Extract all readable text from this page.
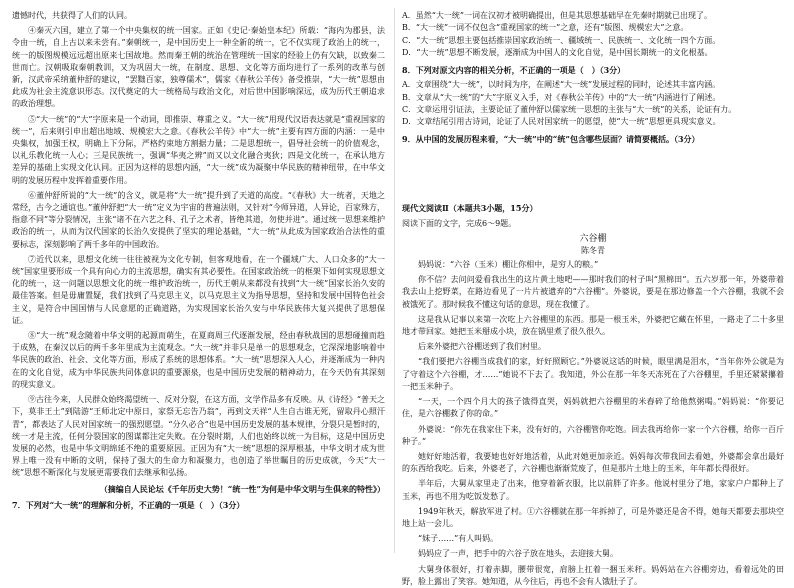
遗憾时代，共获得了人们的认同。

④秦灭六国，建立了第一个中央集权的统一国家。正如《史记·秦始皇本纪》所载：“海内为郡县，法令由一统，自上古以来未尝有。”秦朝统一，是中国历史上一种全新的统一，它不仅实现了政治上的统一，统一的版图规模远远超出原来七国故地。然而秦王朝的统治在管理统一国家的经验上仍有欠缺，以致秦二世而亡。汉朝吸取秦朝教训，又为巩固大一统，在制度、思想、文化等方面均进行了一系列的改革与创新，汉武帝采纳董仲舒的建议，“罢黜百家，独尊儒术”，儒家《春秋公羊传》备受推崇，“大一统”思想由此成为社会主流意识形态。汉代奠定的大一统格局与政治文化，对后世中国影响深远，成为历代王朝追求的政治理想。

⑤“大一统”的“大”字原来是一个动词，即推崇、尊重之义。“大一统”用现代汉语表达就是“重视国家的统一”，后来则引申出超出地域、规模宏大之意。《春秋公羊传》中“大一统”主要有四方面的内涵：一是中央集权，加强王权，明确上下分际，严格约束地方割据力量；二是思想统一，倡导社会统一的价值观念，以礼乐教化统一人心；三是民族统一，强调“华夷之辨”而又以文化融合夷狄；四是文化统一，在承认地方差异的基础上实现文化认同。正因为这样的思想内涵，“大一统”成为凝聚中华民族的精神纽带，在中华文明的发展历程中发挥着重要作用。

⑥董仲舒所说的“大一统”的含义，就是将“大一统”提升到了天道的高度。“《春秋》大一统者，天地之常经，古今之通谊也。”董仲舒把“大一统”定义为宇宙的普遍法则，又针对“今师异道，人异论，百家殊方，指意不同”等分裂情况，主张“诸不在六艺之科、孔子之术者，皆绝其道，勿使并进”。通过统一思想来维护政治的统一，从而为汉代国家的长治久安提供了坚实的理论基础，“大一统”从此成为国家政治合法性的重要标志，深刻影响了两千多年的中国政治。

⑦近代以来，思想文化统一往往被视为文化专制，但客观地看，在一个疆域广大、人口众多的“大一统”国家里要形成一个具有向心力的主流思想，确实有其必要性。在国家政治统一的框架下如何实现思想文化的统一，这一问题以思想文化的统一维护政治统一，历代王朝从来都没有找到“大一统”国家长治久安的最佳答案。但是毋庸置疑，我们找到了马克思主义，以马克思主义为指导思想，坚持和发展中国特色社会主义，是符合中国国情与人民意愿的正确道路，为实现国家长治久安与中华民族伟大复兴提供了思想保证。

⑧“大一统”观念随着中华文明的起源而萌生，在夏商周三代逐渐发展，经由春秋战国的思想碰撞而趋于成熟，在秦汉以后的两千多年里成为主流观念。“大一统”并非只是单一的思想观念，它深深地影响着中华民族的政治、社会、文化等方面，形成了系统的思想体系。“大一统”思想深入人心，并逐渐成为一种内在的文化自觉，成为中华民族共同体意识的重要源泉，也是中国历史发展的精神动力，在今天仍有其深刻的现实意义。

⑨古往今来，人民群众始终渴望统一、反对分裂，在这方面，文学作品多有反映。从《诗经》“普天之下，莫非王土”到陆游“王师北定中原日，家祭无忘告乃翁”，再到文天祥“人生自古谁无死，留取丹心照汗青”，都表达了人民对国家统一的强烈愿望。“分久必合”也是中国历史发展的基本规律，分裂只是暂时的，统一才是主流，任何分裂国家的图谋都注定失败。在分裂时期，人们也始终以统一为目标，这是中国历史发展的必然，也是中华文明绵延不绝的重要原因。正因为有“大一统”思想的深厚根基，中华文明才成为世界上唯一没有中断的文明，保持了强大的生命力和凝聚力，也创造了举世瞩目的历史成就，今天“大一统”思想不断深化与发展更需要我们去继承和弘扬。

（摘编自人民论坛《千年历史大势！“统一性”为何是中华文明与生俱来的特性》）

7．下列对“大一统”的理解和分析，不正确的一项是（　）（3分）

A．虽然“大一统”一词在汉初才被明确提出，但是其思想基础早在先秦时期就已出现了。

B．“大一统”一词不仅包含“重视国家的统一”之意，还有“版图、规模宏大”之意。

C．“大一统”思想主要包括推崇国家政治统一、疆域统一、民族统一、文化统一四个方面。

D．“大一统”思想不断发展，逐渐成为中国人的文化自觉，是中国长期统一的文化根基。

8．下列对原文内容的相关分析，不正确的一项是（　）（3分）

A．文章围绕“大一统”，以时间为序，在阐述“大一统”发展过程的同时，论述其丰富内涵。

B．文章从“大一统”的“大”字原义入手，对《春秋公羊传》中的“大一统”内涵进行了阐述。

C．文章运用引证法，主要论证了董仲舒以儒家统一思想的主张与“大一统”的关系，论证有力。

D．文章结尾引用古诗词，论证了人民对国家统一的愿望，使“大一统”思想更具现实意义。

9．从中国的发展历程来看，“大一统”中的“统”包含哪些层面？请简要概括。（3分）

现代文阅读Ⅱ（本题共3小题，15分）

阅读下面的文字，完成6～9题。

六谷棚

陈冬青

妈妈说：“六谷（玉米）棚让你相中，是穷人的粮。”

你不信？去问问爱看我出生的这片黄土地吧——那时我们的村子叫“黑棉田”。五六岁那一年，外婆带着我去山上挖野菜，在路边看见了一片片被遗弃的“六谷棚”。外婆说，要是在那边修盖一个六谷棚，我就不会被饿死了。那时候我不懂这句话的意思，现在我懂了。

这是我从记事以来第一次吃上六谷棚里的东西。那是一根玉米，外婆把它藏在怀里，一路走了二十多里地才带回家。她把玉米掰成小块，放在锅里煮了很久很久。

后来外婆把六谷棚送到了我们村里。

“我们要把六谷棚当成我们的家，好好照顾它。”外婆说这话的时候，眼里满是泪水，“当年你外公就是为了守着这个六谷棚，才……”她说不下去了。我知道，外公在那一年冬天冻死在了六谷棚里，手里还紧紧攥着一把玉米种子。

“一天，一个四个月大的孩子饿得直哭，妈妈就把六谷棚里的米舂碎了给他熬粥喝。”妈妈说：“你要记住，是六谷棚救了你的命。”

外婆说：“你先在我家住下来，没有好的，六谷棚管你吃饱。回去我再给你一家一个六谷棚，给你一百斤种子。”

她好好地活着，我要她也好好地活着，从此对她更加亲近。妈妈每次带我回去看她，外婆都会拿出最好的东西给我吃。后来，外婆老了，六谷棚也渐渐荒废了，但是那片土地上的玉米，年年都长得很好。

半年后，大舅从家里走了出来，他穿着新衣服，比以前胖了许多。他说村里分了地，家家户户都种上了玉米，再也不用为吃饭发愁了。

1949年秋天，解放军进了村。①六谷棚就在那一年拆掉了，可是外婆还是舍不得，她每天都要去那块空地上站一会儿。

“妹子……”有人叫妈。

妈妈应了一声，把手中的六谷子放在地头，去迎接大舅。

大舅身体很好，打着赤脚，腰带很宽，肩膀上扛着一捆玉米秆。妈妈站在六谷棚旁边，看着远处的田野，脸上露出了笑容。她知道，从今往后，再也不会有人饿肚子了。
